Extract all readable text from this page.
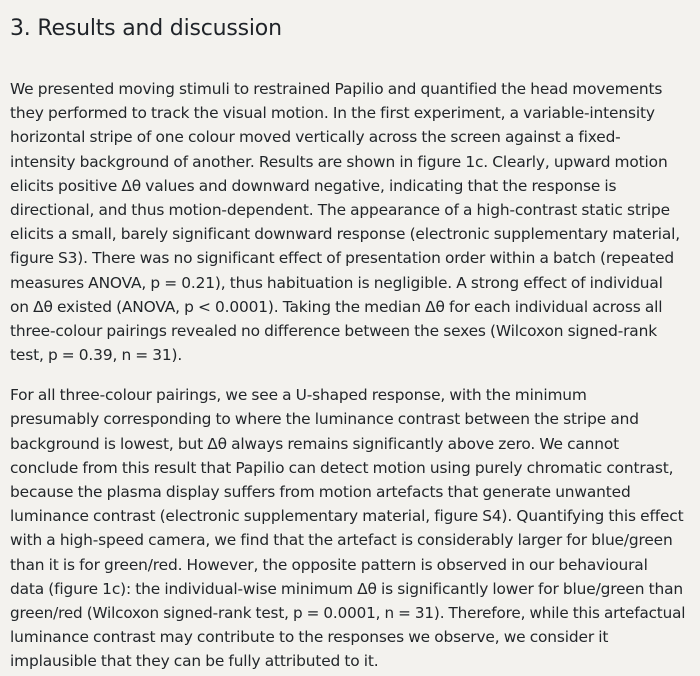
3. Results and discussion

We presented moving stimuli to restrained Papilio and quantified the head movements
they performed to track the visual motion. In the first experiment, a variable-intensity
horizontal stripe of one colour moved vertically across the screen against a fixed-
intensity background of another. Results are shown in figure 1c. Clearly, upward motion
elicits positive Δθ values and downward negative, indicating that the response is
directional, and thus motion-dependent. The appearance of a high-contrast static stripe
elicits a small, barely significant downward response (electronic supplementary material,
figure S3). There was no significant effect of presentation order within a batch (repeated
measures ANOVA, p = 0.21), thus habituation is negligible. A strong effect of individual
on Δθ existed (ANOVA, p < 0.0001). Taking the median Δθ for each individual across all
three-colour pairings revealed no difference between the sexes (Wilcoxon signed-rank
test, p = 0.39, n = 31).

For all three-colour pairings, we see a U-shaped response, with the minimum
presumably corresponding to where the luminance contrast between the stripe and
background is lowest, but Δθ always remains significantly above zero. We cannot
conclude from this result that Papilio can detect motion using purely chromatic contrast,
because the plasma display suffers from motion artefacts that generate unwanted
luminance contrast (electronic supplementary material, figure S4). Quantifying this effect
with a high-speed camera, we find that the artefact is considerably larger for blue/green
than it is for green/red. However, the opposite pattern is observed in our behavioural
data (figure 1c): the individual-wise minimum Δθ is significantly lower for blue/green than
green/red (Wilcoxon signed-rank test, p = 0.0001, n = 31). Therefore, while this artefactual
luminance contrast may contribute to the responses we observe, we consider it
implausible that they can be fully attributed to it.
